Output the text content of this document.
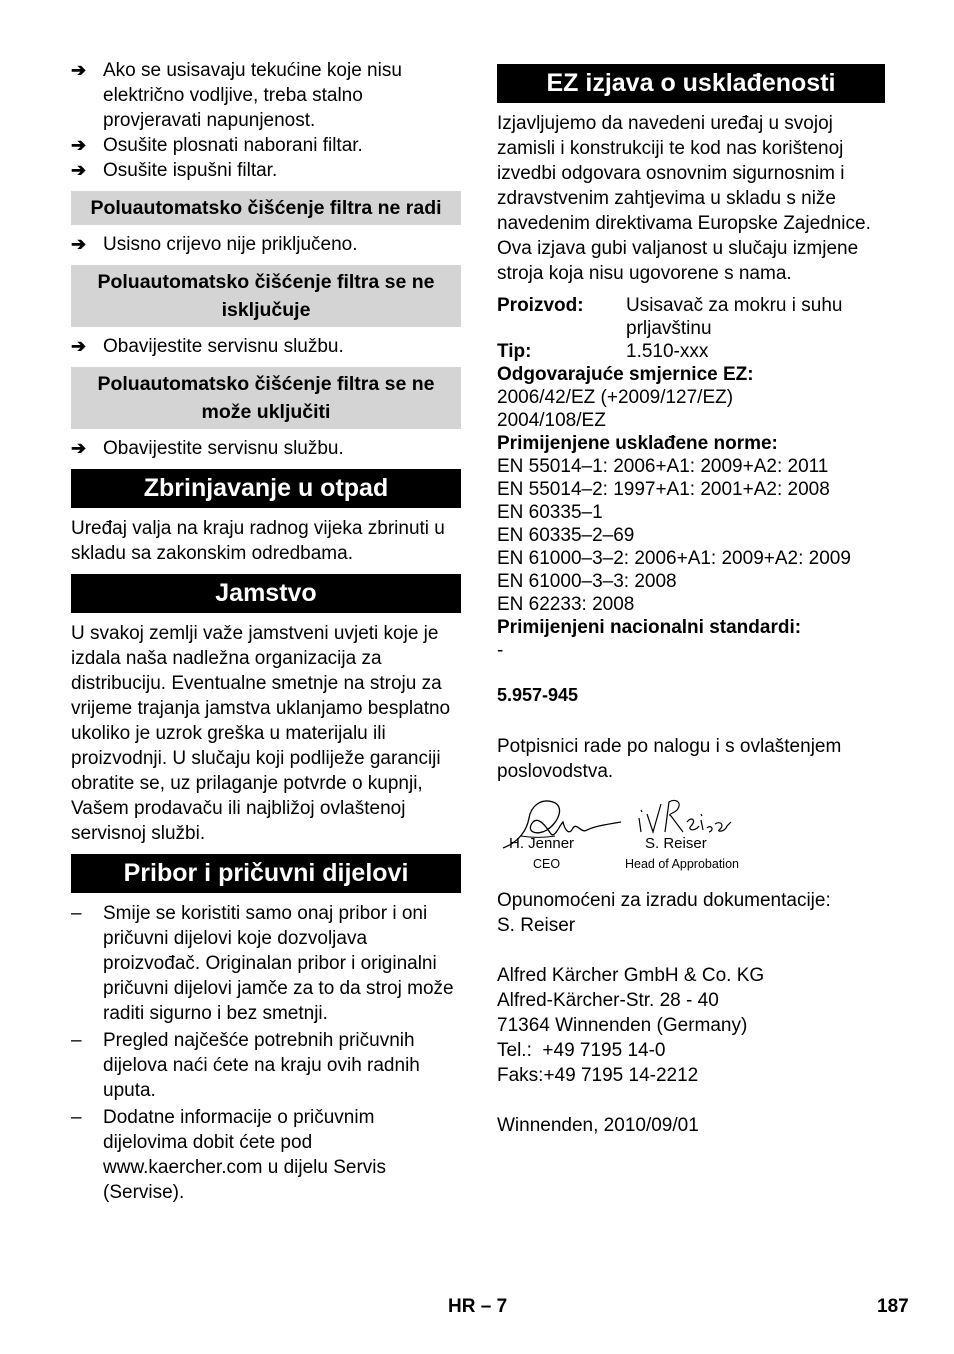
➔ Ako se usisavaju tekućine koje nisu električno vodljive, treba stalno provjeravati napunjenost.
➔ Osušite plosnati naborani filtar.
➔ Osušite ispušni filtar.
Poluautomatsko čišćenje filtra ne radi
➔ Usisno crijevo nije priključeno.
Poluautomatsko čišćenje filtra se ne isključuje
➔ Obavijestite servisnu službu.
Poluautomatsko čišćenje filtra se ne može uključiti
➔ Obavijestite servisnu službu.
Zbrinjavanje u otpad

Uređaj valja na kraju radnog vijeka zbrinuti u skladu sa zakonskim odredbama.

Jamstvo

U svakoj zemlji važe jamstveni uvjeti koje je izdala naša nadležna organizacija za distribuciju. Eventualne smetnje na stroju za vrijeme trajanja jamstva uklanjamo besplatno ukoliko je uzrok greška u materijalu ili proizvodnji. U slučaju koji podliježe garanciji obratite se, uz prilaganje potvrde o kupnji, Vašem prodavaču ili najbližoj ovlaštenoj servisnoj službi.

Pribor i pričuvni dijelovi
–	Smije se koristiti samo onaj pribor i oni pričuvni dijelovi koje dozvoljava proizvođač. Originalan pribor i originalni pričuvni dijelovi jamče za to da stroj može raditi sigurno i bez smetnji.
–	Pregled najčešće potrebnih pričuvnih dijelova naći ćete na kraju ovih radnih uputa.
–	Dodatne informacije o pričuvnim dijelovima dobit ćete pod www.kaercher.com u dijelu Servis (Servise).
EZ izjava o usklađenosti

Izjavljujemo da navedeni uređaj u svojoj zamisli i konstrukciji te kod nas korištenoj izvedbi odgovara osnovnim sigurnosnim i zdravstvenim zahtjevima u skladu s niže navedenim direktivama Europske Zajednice. Ova izjava gubi valjanost u slučaju izmjene stroja koja nisu ugovorene s nama.

Proizvod:	Usisavač za mokru i suhu prljavštinu
Tip:	1.510-xxx
Odgovarajuće smjernice EZ:
2006/42/EZ (+2009/127/EZ)
2004/108/EZ
Primijenjene usklađene norme:
EN 55014–1: 2006+A1: 2009+A2: 2011
EN 55014–2: 1997+A1: 2001+A2: 2008
EN 60335–1
EN 60335–2–69
EN 61000–3–2: 2006+A1: 2009+A2: 2009
EN 61000–3–3: 2008
EN 62233: 2008
Primijenjeni nacionalni standardi:
-
5.957-945

Potpisnici rade po nalogu i s ovlaštenjem poslovodstva.

H. Jenner
CEO
S. Reiser
Head of Approbation

Opunomoćeni za izradu dokumentacije:

S. Reiser

Alfred Kärcher GmbH & Co. KG

Alfred-Kärcher-Str. 28 - 40

71364 Winnenden (Germany)

Tel.:  +49 7195 14-0

Faks:+49 7195 14-2212

Winnenden, 2010/09/01

HR – 7	187
